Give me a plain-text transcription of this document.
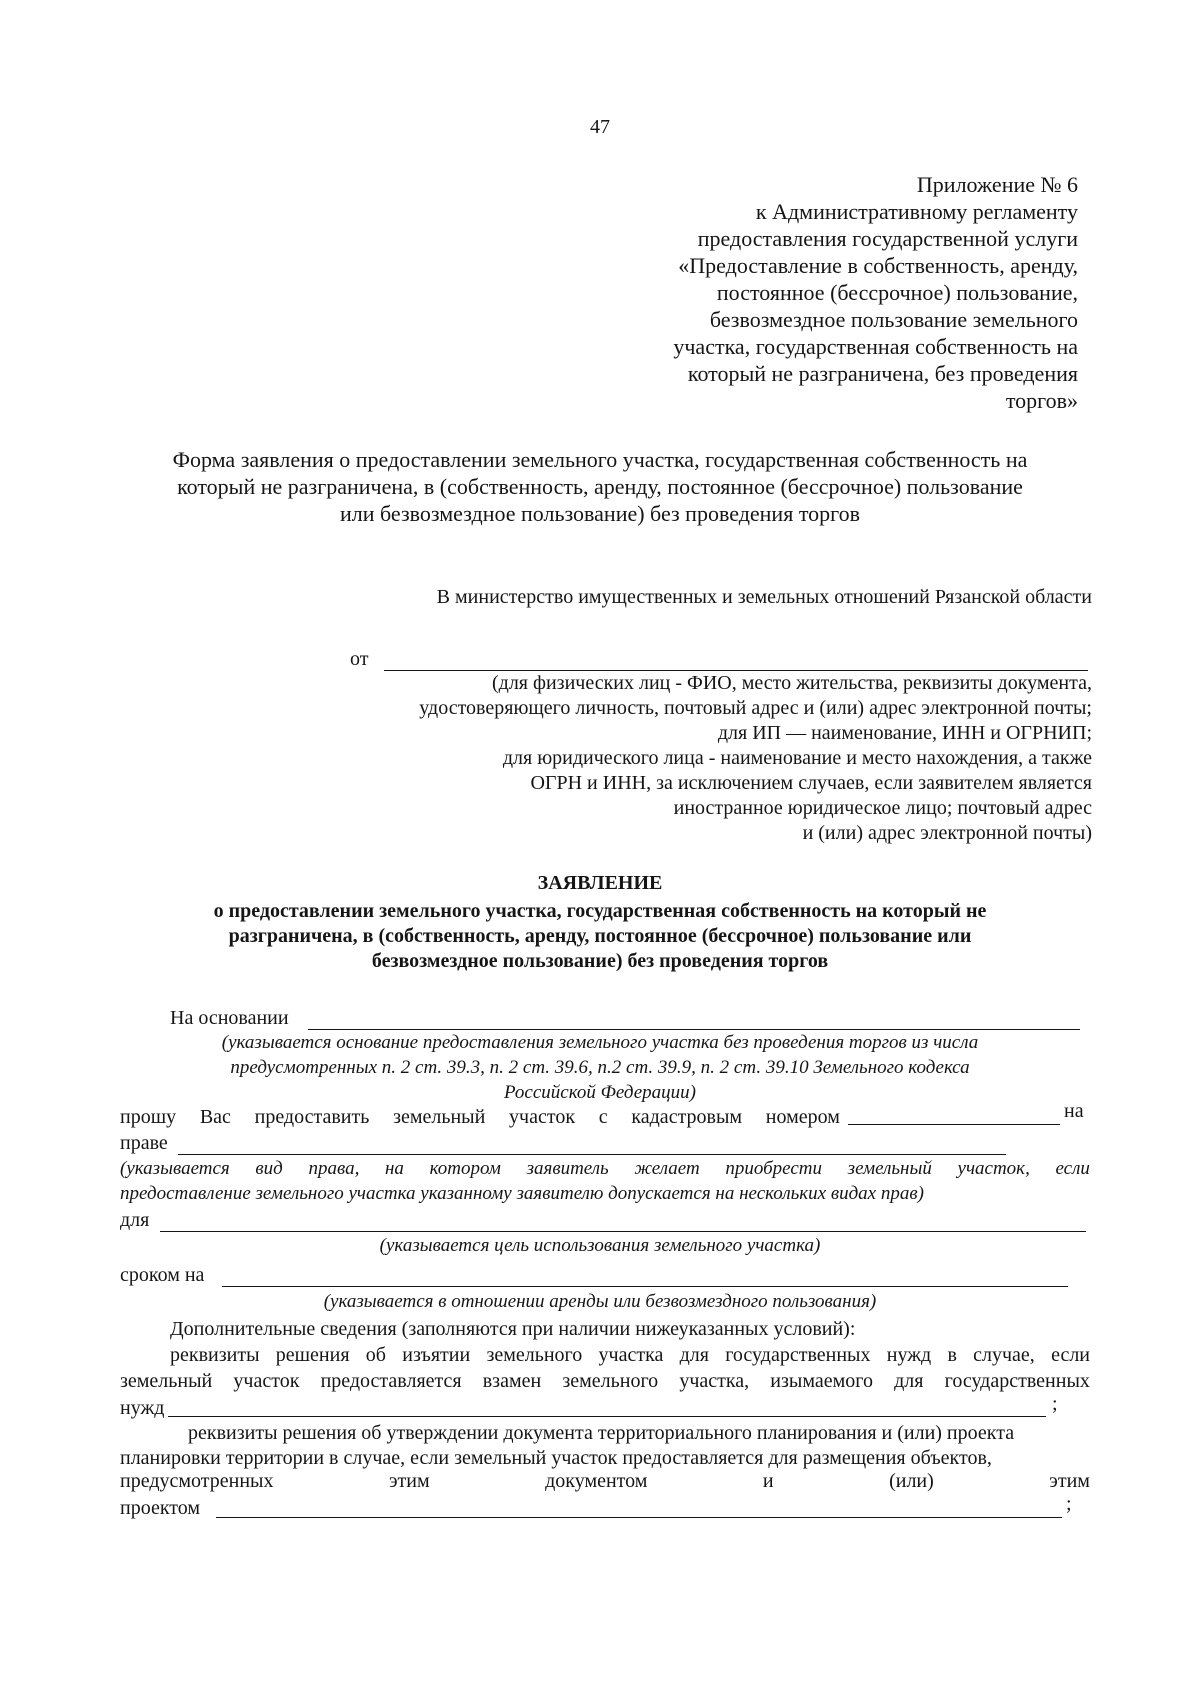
47
Приложение № 6
к Административному регламенту
предоставления государственной услуги
«Предоставление в собственность, аренду,
постоянное (бессрочное) пользование,
безвозмездное пользование земельного
участка, государственная собственность на
который не разграничена, без проведения
торгов»
Форма заявления о предоставлении земельного участка, государственная собственность на
который не разграничена, в (собственность, аренду, постоянное (бессрочное) пользование
или безвозмездное пользование) без проведения торгов
В министерство имущественных и земельных отношений Рязанской области
от
(для физических лиц - ФИО, место жительства, реквизиты документа,
удостоверяющего личность, почтовый адрес и (или) адрес электронной почты;
для ИП — наименование, ИНН и ОГРНИП;
для юридического лица - наименование и место нахождения, а также
ОГРН и ИНН, за исключением случаев, если заявителем является
иностранное юридическое лицо; почтовый адрес
и (или) адрес электронной почты)
ЗАЯВЛЕНИЕ
о предоставлении земельного участка, государственная собственность на который не
разграничена, в (собственность, аренду, постоянное (бессрочное) пользование или
безвозмездное пользование) без проведения торгов
На основании
(указывается основание предоставления земельного участка без проведения торгов из числа
предусмотренных п. 2 ст. 39.3, п. 2 ст. 39.6, п.2 ст. 39.9, п. 2 ст. 39.10 Земельного кодекса
Российской Федерации)
прошу Вас предоставить земельный участок с кадастровым номером	на
праве
(указывается вид права, на котором заявитель желает приобрести земельный участок, если
предоставление земельного участка указанному заявителю допускается на нескольких видах прав)
для
(указывается цель использования земельного участка)
сроком на
(указывается в отношении аренды или безвозмездного пользования)
Дополнительные сведения (заполняются при наличии нижеуказанных условий):
реквизиты решения об изъятии земельного участка для государственных нужд в случае, если
земельный участок предоставляется взамен земельного участка, изымаемого для государственных
нужд	;
реквизиты решения об утверждении документа территориального планирования и (или) проекта
планировки территории в случае, если земельный участок предоставляется для размещения объектов,
предусмотренных	этим	документом	и	(или)	этим
проектом	;
